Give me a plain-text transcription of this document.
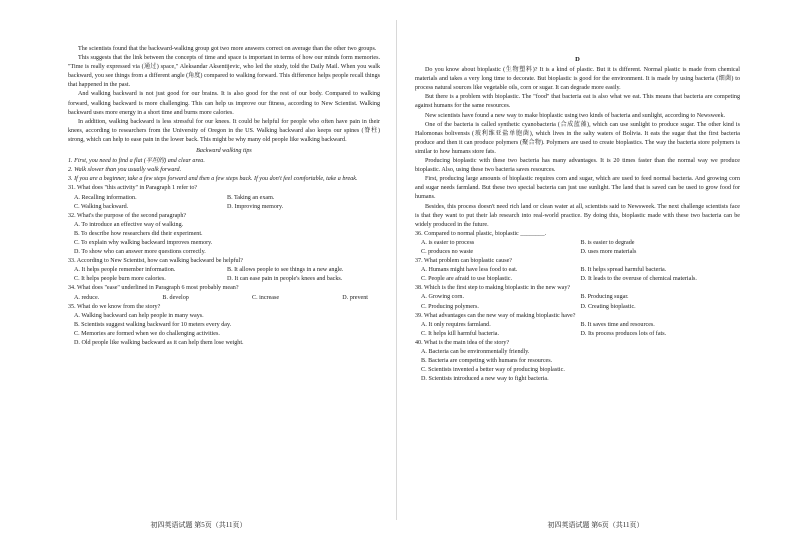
The scientists found that the backward-walking group got two more answers correct on average than the other two groups.

This suggests that the link between the concepts of time and space is important in terms of how our minds form memories. "Time is really expressed via (通过) space," Aleksandar Aksentijevic, who led the study, told the Daily Mail. When you walk backward, you see things from a different angle (角度) compared to walking forward. This difference helps people recall things that happened in the past.

And walking backward is not just good for our brains. It is also good for the rest of our body. Compared to walking forward, walking backward is more challenging. This can help us improve our fitness, according to New Scientist. Walking backward uses more energy in a short time and burns more calories.

In addition, walking backward is less stressful for our knees. It could be helpful for people who often have pain in their knees, according to researchers from the University of Oregon in the US. Walking backward also keeps our spines (脊柱) strong, which can help to ease pain in the lower back. This might be why many old people like walking backward.

Backward walking tips

1. First, you need to find a flat (平坦的) and clear area.

2. Walk slower than you usually walk forward.

3. If you are a beginner, take a few steps forward and then a few steps back. If you don't feel comfortable, take a break.

31. What does "this activity" in Paragraph 1 refer to?

A. Recalling information.	B. Taking an exam.
C. Walking backward.	D. Improving memory.

32. What's the purpose of the second paragraph?

A. To introduce an effective way of walking.

B. To describe how researchers did their experiment.

C. To explain why walking backward improves memory.

D. To show who can answer more questions correctly.

33. According to New Scientist, how can walking backward be helpful?

A. It helps people remember information.	B. It allows people to see things in a new angle.
C. It helps people burn more calories.	D. It can ease pain in people's knees and backs.

34. What does "ease" underlined in Paragraph 6 most probably mean?

A. reduce.	B. develop	C. increase	D. prevent

35. What do we know from the story?

A. Walking backward can help people in many ways.

B. Scientists suggest walking backward for 10 meters every day.

C. Memories are formed when we do challenging activities.

D. Old people like walking backward as it can help them lose weight.

初四英语试题 第5页（共11页）
D

Do you know about bioplastic (生物塑料)? It is a kind of plastic. But it is different. Normal plastic is made from chemical materials and takes a very long time to decorate. But bioplastic is good for the environment. It is made by using bacteria (细菌) to process natural sources like vegetable oils, corn or sugar. It can degrade more easily.

But there is a problem with bioplastic. The "food" that bacteria eat is also what we eat. This means that bacteria are competing against humans for the same resources.

New scientists have found a new way to make bioplastic using two kinds of bacteria and sunlight, according to Newsweek.

One of the bacteria is called synthetic cyanobacteria (合成蓝藻), which can use sunlight to produce sugar. The other kind is Halomonas bolivensis (玻利维亚盐单胞菌), which lives in the salty waters of Bolivia. It eats the sugar that the first bacteria produce and then it can produce polymers (聚合物). Polymers are used to create bioplastics. The way the bacteria store polymers is similar to how humans store fats.

Producing bioplastic with these two bacteria has many advantages. It is 20 times faster than the normal way we produce bioplastic. Also, using these two bacteria saves resources.

First, producing large amounts of bioplastic requires corn and sugar, which are used to feed normal bacteria. And growing corn and sugar needs farmland. But these two special bacteria can just use sunlight. The land that is saved can be used to grow food for humans.

Besides, this process doesn't need rich land or clean water at all, scientists said to Newsweek. The next challenge scientists face is that they want to put their lab research into real-world practice. By doing this, bioplastic made with these two bacteria can be widely produced in the future.

36. Compared to normal plastic, bioplastic ________.

A. is easier to process	B. is easier to degrade
C. produces no waste	D. uses more materials

37. What problem can bioplastic cause?

A. Humans might have less food to eat.	B. It helps spread harmful bacteria.
C. People are afraid to use bioplastic.	D. It leads to the overuse of chemical materials.

38. Which is the first step to making bioplastic in the new way?

A. Growing corn.	B. Producing sugar.
C. Producing polymers.	D. Creating bioplastic.

39. What advantages can the new way of making bioplastic have?

A. It only requires farmland.	B. It saves time and resources.
C. It helps kill harmful bacteria.	D. Its process produces lots of fats.

40. What is the main idea of the story?

A. Bacteria can be environmentally friendly.

B. Bacteria are competing with humans for resources.

C. Scientists invented a better way of producing bioplastic.

D. Scientists introduced a new way to fight bacteria.

初四英语试题 第6页（共11页）
